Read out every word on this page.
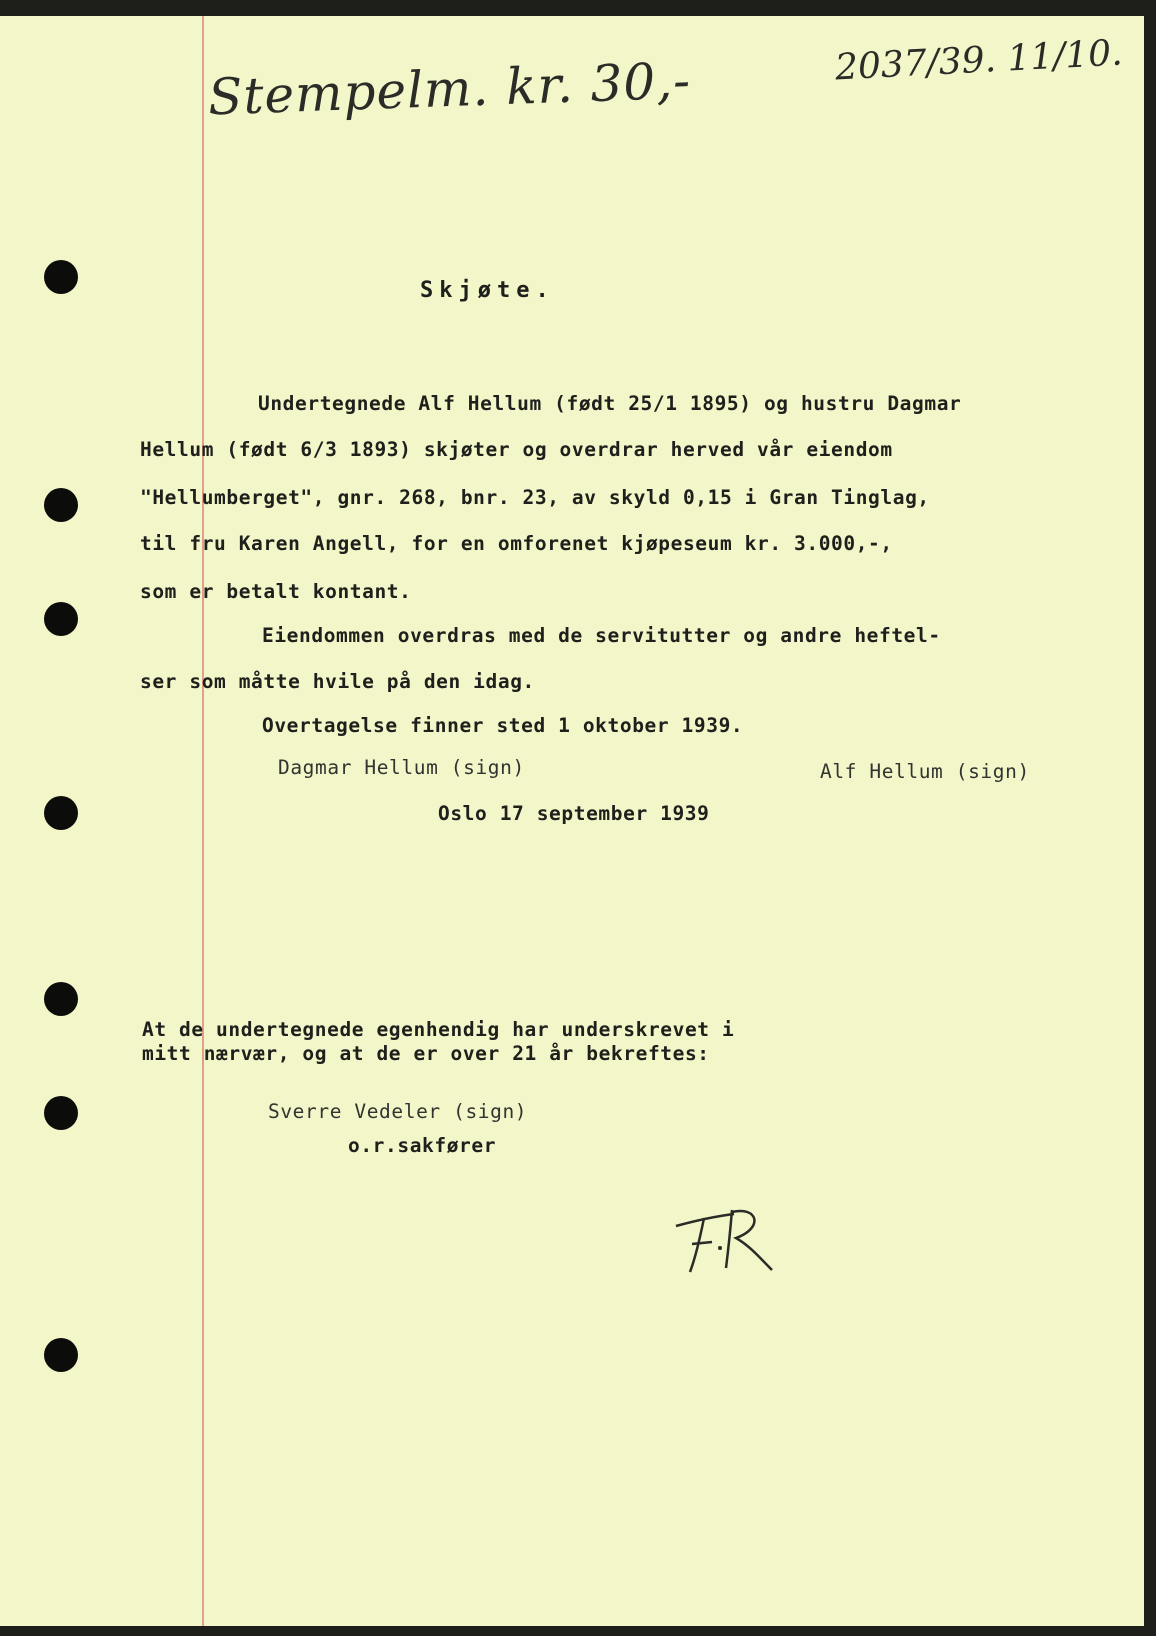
Stempelm. kr. 30,-	2037/39. 11/10.
Skjøte.
Undertegnede Alf Hellum (født 25/1 1895) og hustru Dagmar
Hellum (født 6/3 1893) skjøter og overdrar herved vår eiendom
"Hellumberget", gnr. 268, bnr. 23, av skyld 0,15 i Gran Tinglag,
til fru Karen Angell, for en omforenet kjøpeseum kr. 3.000,-,
som er betalt kontant.
Eiendommen overdras med de servitutter og andre heftel-
ser som måtte hvile på den idag.
Overtagelse finner sted 1 oktober 1939.
Dagmar Hellum (sign)	Alf Hellum (sign)
Oslo 17 september 1939
At de undertegnede egenhendig har underskrevet i
mitt nærvær, og at de er over 21 år bekreftes:
Sverre Vedeler (sign)
o.r.sakfører
